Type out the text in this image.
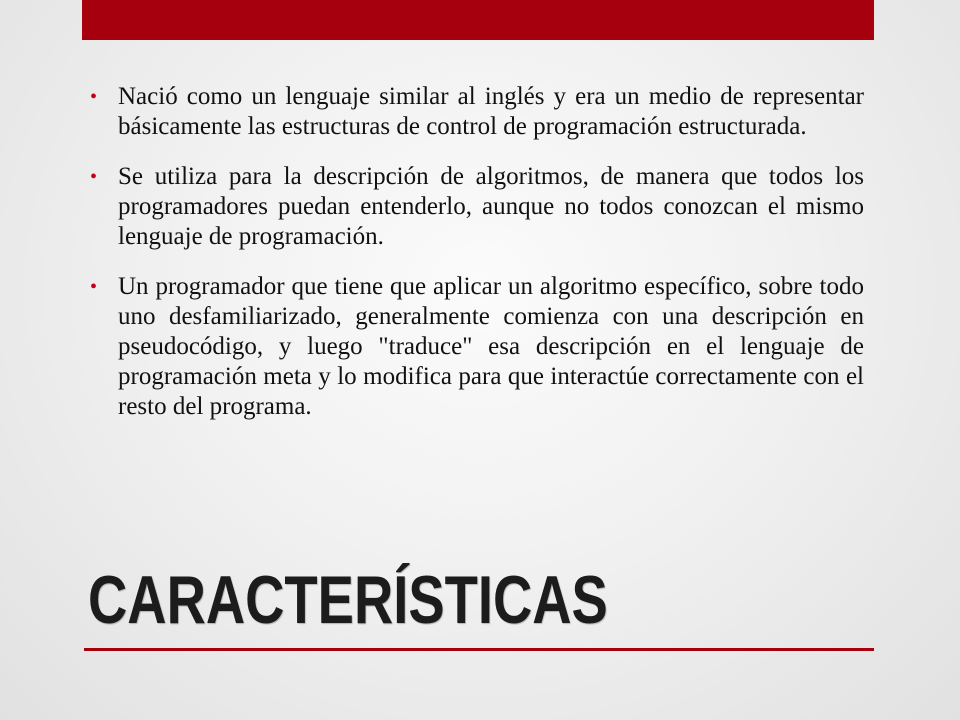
• Nació como un lenguaje similar al inglés y era un medio de representar básicamente las estructuras de control de programación estructurada.
• Se utiliza para la descripción de algoritmos, de manera que todos los programadores puedan entenderlo, aunque no todos conozcan el mismo lenguaje de programación.
• Un programador que tiene que aplicar un algoritmo específico, sobre todo uno desfamiliarizado, generalmente comienza con una descripción en pseudocódigo, y luego "traduce" esa descripción en el lenguaje de programación meta y lo modifica para que interactúe correctamente con el resto del programa.
CARACTERÍSTICAS
